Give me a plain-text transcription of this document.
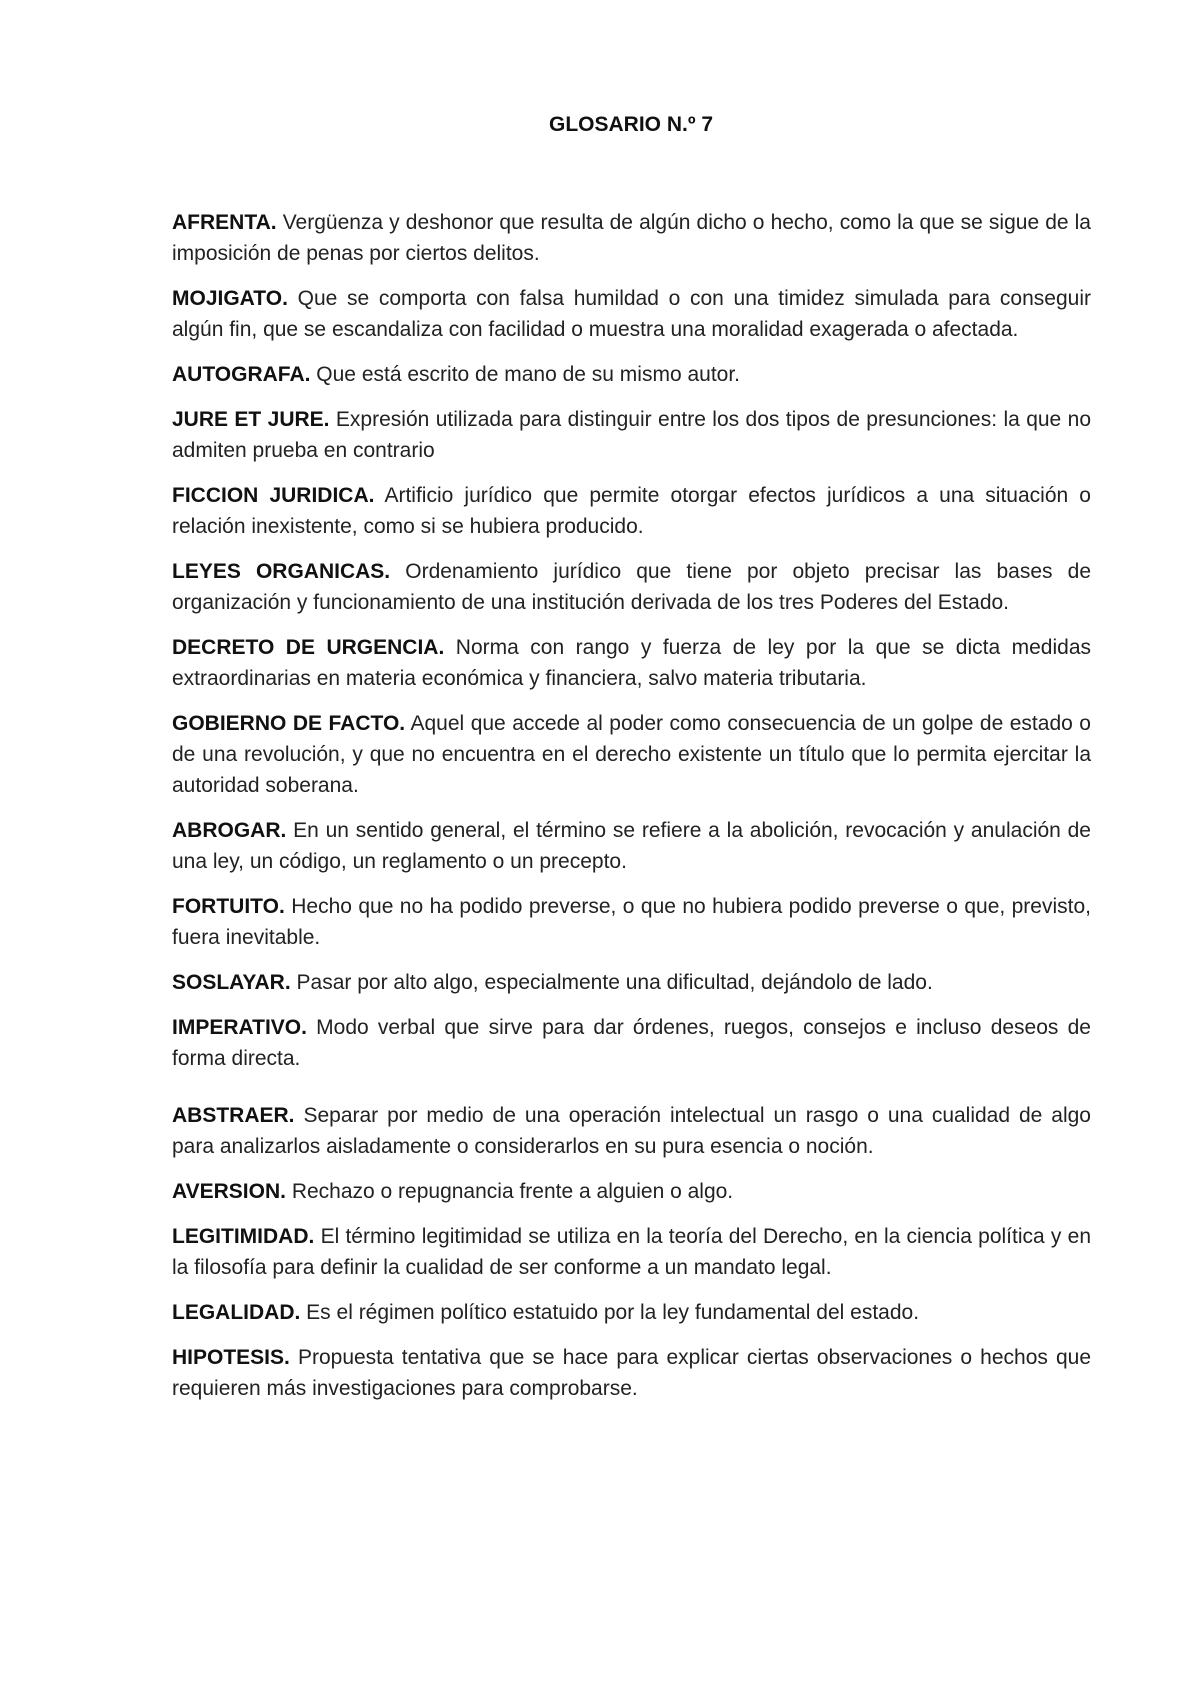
GLOSARIO N.º 7

AFRENTA. Vergüenza y deshonor que resulta de algún dicho o hecho, como la que se sigue de la imposición de penas por ciertos delitos.

MOJIGATO. Que se comporta con falsa humildad o con una timidez simulada para conseguir algún fin, que se escandaliza con facilidad o muestra una moralidad exagerada o afectada.

AUTOGRAFA. Que está escrito de mano de su mismo autor.

JURE ET JURE. Expresión utilizada para distinguir entre los dos tipos de presunciones: la que no admiten prueba en contrario

FICCION JURIDICA. Artificio jurídico que permite otorgar efectos jurídicos a una situación o relación inexistente, como si se hubiera producido.

LEYES ORGANICAS. Ordenamiento jurídico que tiene por objeto precisar las bases de organización y funcionamiento de una institución derivada de los tres Poderes del Estado.

DECRETO DE URGENCIA. Norma con rango y fuerza de ley por la que se dicta medidas extraordinarias en materia económica y financiera, salvo materia tributaria.

GOBIERNO DE FACTO. Aquel que accede al poder como consecuencia de un golpe de estado o de una revolución, y que no encuentra en el derecho existente un título que lo permita ejercitar la autoridad soberana.

ABROGAR. En un sentido general, el término se refiere a la abolición, revocación y anulación de una ley, un código, un reglamento o un precepto.

FORTUITO. Hecho que no ha podido preverse, o que no hubiera podido preverse o que, previsto, fuera inevitable.

SOSLAYAR. Pasar por alto algo, especialmente una dificultad, dejándolo de lado.

IMPERATIVO. Modo verbal que sirve para dar órdenes, ruegos, consejos e incluso deseos de forma directa.

ABSTRAER. Separar por medio de una operación intelectual un rasgo o una cualidad de algo para analizarlos aisladamente o considerarlos en su pura esencia o noción.

AVERSION. Rechazo o repugnancia frente a alguien o algo.

LEGITIMIDAD. El término legitimidad se utiliza en la teoría del Derecho, en la ciencia política y en la filosofía para definir la cualidad de ser conforme a un mandato legal.

LEGALIDAD. Es el régimen político estatuido por la ley fundamental del estado.

HIPOTESIS. Propuesta tentativa que se hace para explicar ciertas observaciones o hechos que requieren más investigaciones para comprobarse.
